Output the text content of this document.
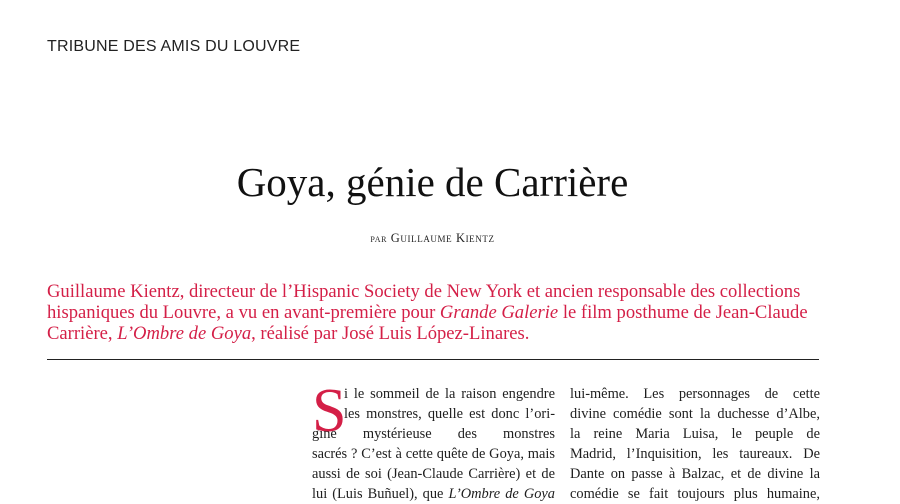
TRIBUNE DES AMIS DU LOUVRE
Goya, génie de Carrière
par Guillaume Kientz
Guillaume Kientz, directeur de l’Hispanic Society de New York et ancien responsable des collections hispaniques du Louvre, a vu en avant-première pour Grande Galerie le film posthume de Jean-Claude Carrière, L’Ombre de Goya, réalisé par José Luis López-Linares.
S
i le sommeil de la raison engendre
les monstres, quelle est donc l’ori-
gine mystérieuse des monstres
sacrés ? C’est à cette quête de Goya, mais
aussi de soi (Jean-Claude Carrière) et de
lui (Luis Buñuel), que L’Ombre de Goya
lui-même. Les personnages de cette
divine comédie sont la duchesse d’Albe,
la reine Maria Luisa, le peuple de
Madrid, l’Inquisition, les taureaux. De
Dante on passe à Balzac, et de divine la
comédie se fait toujours plus humaine,
